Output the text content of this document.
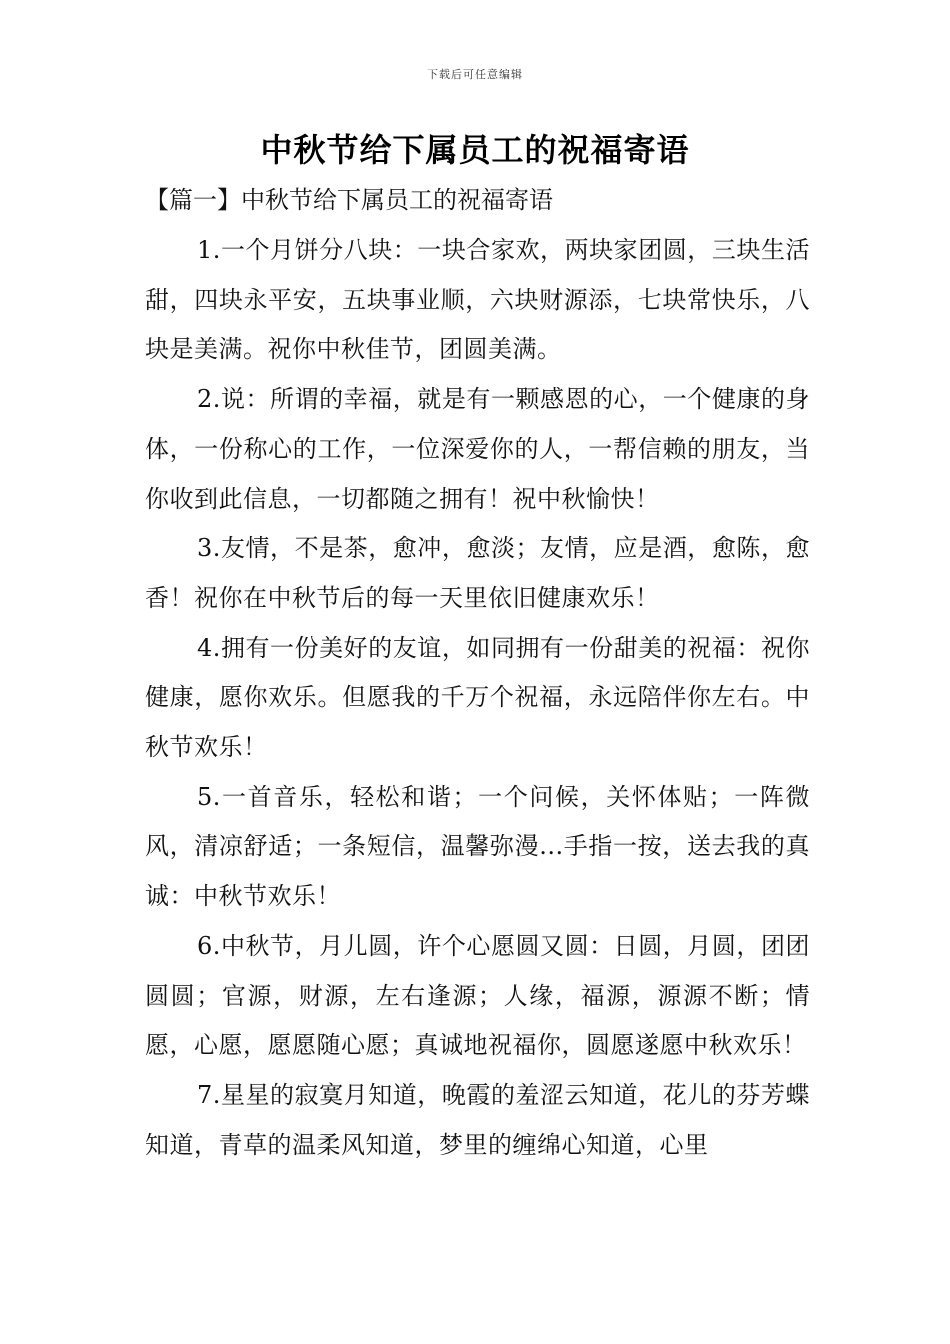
下载后可任意编辑
中秋节给下属员工的祝福寄语
【篇一】中秋节给下属员工的祝福寄语

1.一个月饼分八块：一块合家欢，两块家团圆，三块生活甜，四块永平安，五块事业顺，六块财源添，七块常快乐，八块是美满。祝你中秋佳节，团圆美满。

2.说：所谓的幸福，就是有一颗感恩的心，一个健康的身体，一份称心的工作，一位深爱你的人，一帮信赖的朋友，当你收到此信息，一切都随之拥有！祝中秋愉快！

3.友情，不是茶，愈冲，愈淡；友情，应是酒，愈陈，愈香！祝你在中秋节后的每一天里依旧健康欢乐！

4.拥有一份美好的友谊，如同拥有一份甜美的祝福：祝你健康，愿你欢乐。但愿我的千万个祝福，永远陪伴你左右。中秋节欢乐！

5.一首音乐，轻松和谐；一个问候，关怀体贴；一阵微风，清凉舒适；一条短信，温馨弥漫...手指一按，送去我的真诚：中秋节欢乐！

6.中秋节，月儿圆，许个心愿圆又圆：日圆，月圆，团团圆圆；官源，财源，左右逢源；人缘，福源，源源不断；情愿，心愿，愿愿随心愿；真诚地祝福你，圆愿遂愿中秋欢乐！

7.星星的寂寞月知道，晚霞的羞涩云知道，花儿的芬芳蝶知道，青草的温柔风知道，梦里的缠绵心知道，心里
